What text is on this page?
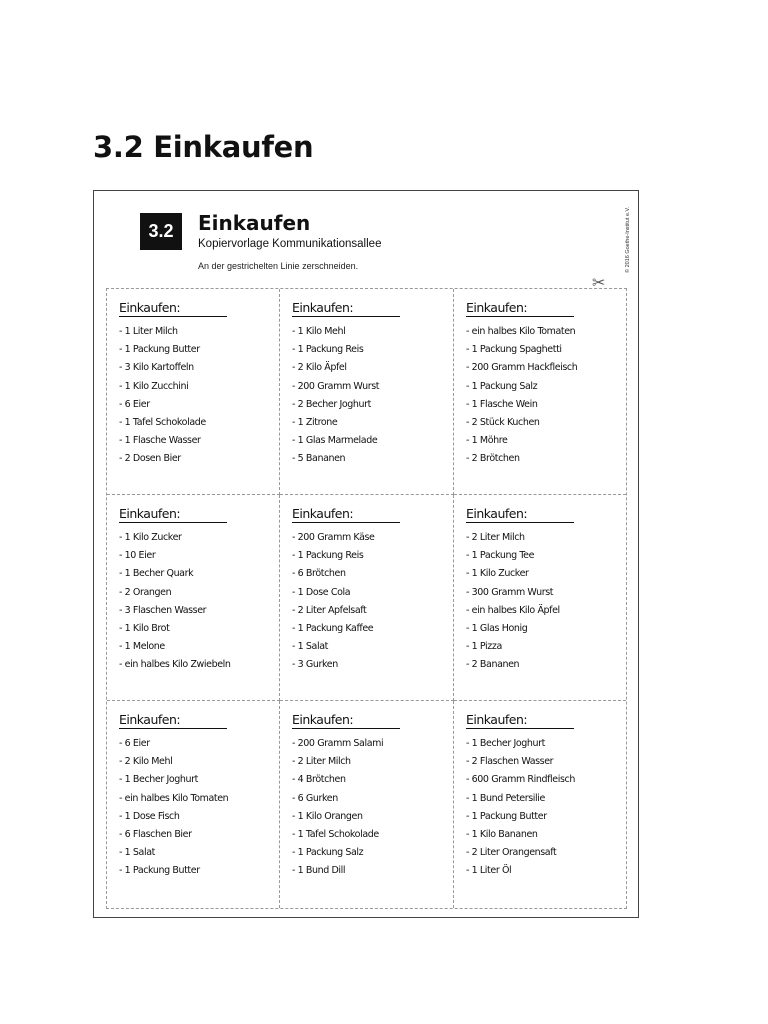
3.2 Einkaufen
3.2	Einkaufen
Kopiervorlage Kommunikationsallee
An der gestrichelten Linie zerschneiden.	© 2016 Goethe-Institut e.V.
✂
Einkaufen:
- 1 Liter Milch
- 1 Packung Butter
- 3 Kilo Kartoffeln
- 1 Kilo Zucchini
- 6 Eier
- 1 Tafel Schokolade
- 1 Flasche Wasser
- 2 Dosen Bier
Einkaufen:
- 1 Kilo Mehl
- 1 Packung Reis
- 2 Kilo Äpfel
- 200 Gramm Wurst
- 2 Becher Joghurt
- 1 Zitrone
- 1 Glas Marmelade
- 5 Bananen
Einkaufen:
- ein halbes Kilo Tomaten
- 1 Packung Spaghetti
- 200 Gramm Hackfleisch
- 1 Packung Salz
- 1 Flasche Wein
- 2 Stück Kuchen
- 1 Möhre
- 2 Brötchen
Einkaufen:
- 1 Kilo Zucker
- 10 Eier
- 1 Becher Quark
- 2 Orangen
- 3 Flaschen Wasser
- 1 Kilo Brot
- 1 Melone
- ein halbes Kilo Zwiebeln
Einkaufen:
- 200 Gramm Käse
- 1 Packung Reis
- 6 Brötchen
- 1 Dose Cola
- 2 Liter Apfelsaft
- 1 Packung Kaffee
- 1 Salat
- 3 Gurken
Einkaufen:
- 2 Liter Milch
- 1 Packung Tee
- 1 Kilo Zucker
- 300 Gramm Wurst
- ein halbes Kilo Äpfel
- 1 Glas Honig
- 1 Pizza
- 2 Bananen
Einkaufen:
- 6 Eier
- 2 Kilo Mehl
- 1 Becher Joghurt
- ein halbes Kilo Tomaten
- 1 Dose Fisch
- 6 Flaschen Bier
- 1 Salat
- 1 Packung Butter
Einkaufen:
- 200 Gramm Salami
- 2 Liter Milch
- 4 Brötchen
- 6 Gurken
- 1 Kilo Orangen
- 1 Tafel Schokolade
- 1 Packung Salz
- 1 Bund Dill
Einkaufen:
- 1 Becher Joghurt
- 2 Flaschen Wasser
- 600 Gramm Rindfleisch
- 1 Bund Petersilie
- 1 Packung Butter
- 1 Kilo Bananen
- 2 Liter Orangensaft
- 1 Liter Öl
